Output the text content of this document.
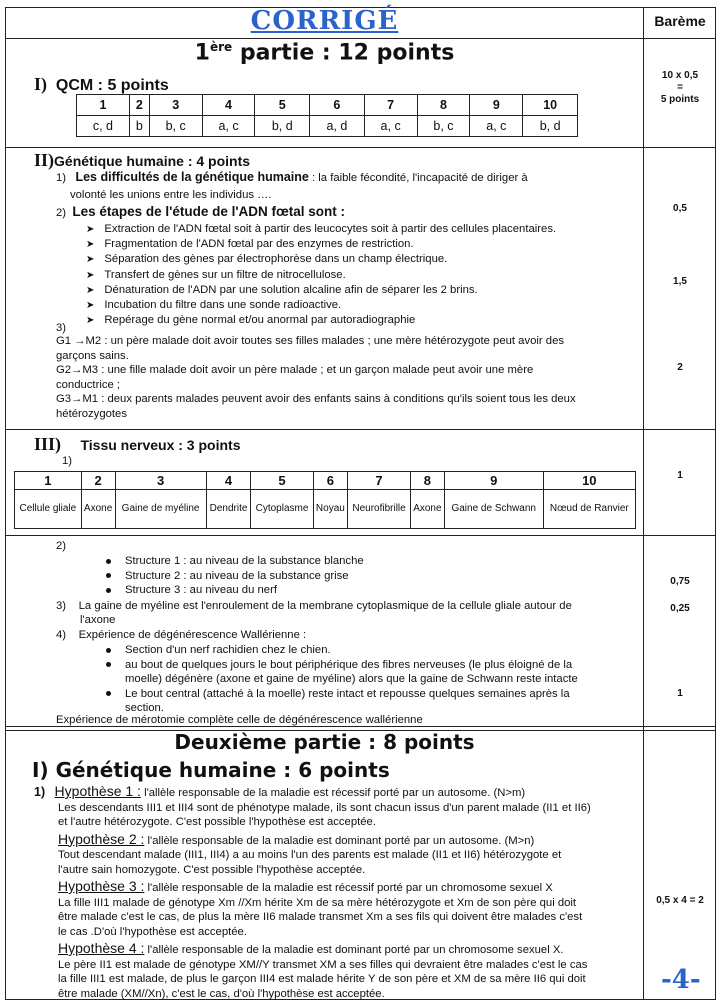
CORRIGÉ	Barème
1ère partie : 12 points
I) QCM : 5 points
1	2	3	4	5	6	7	8	9	10
c, d	b	b, c	a, c	b, d	a, d	a, c	b, c	a, c	b, d
10 x 0,5
=
5 points
II)Génétique humaine : 4 points
1) Les difficultés de la génétique humaine : la faible fécondité, l'incapacité de diriger à
volonté les unions entre les individus ….
2) Les étapes de l'étude de l'ADN fœtal sont :
➤ Extraction de l'ADN fœtal soit à partir des leucocytes soit à partir des cellules placentaires.
➤ Fragmentation de l'ADN fœtal par des enzymes de restriction.
➤ Séparation des gènes par électrophorèse dans un champ électrique.
➤ Transfert de gènes sur un filtre de nitrocellulose.
➤ Dénaturation de l'ADN par une solution alcaline afin de séparer les 2 brins.
➤ Incubation du filtre dans une sonde radioactive.
➤ Repérage du gène normal et/ou anormal par autoradiographie
3)
G1 →M2 : un père malade doit avoir toutes ses filles malades ; une mère hétérozygote peut avoir des
garçons sains.
G2→M3 : une fille malade doit avoir un père malade ; et un garçon malade peut avoir une mère
conductrice ;
G3→M1 : deux parents malades peuvent avoir des enfants sains à conditions qu'ils soient tous les deux
hétérozygotes
0,5
1,5
2
III) Tissu nerveux : 3 points
1)
1	2	3	4	5	6	7	8	9	10
Cellule gliale	Axone	Gaine de myéline	Dendrite	Cytoplasme	Noyau	Neurofibrille	Axone	Gaine de Schwann	Nœud de Ranvier
1
2)
Structure 1 : au niveau de la substance blanche
Structure 2 : au niveau de la substance grise
Structure 3 : au niveau du nerf
3) La gaine de myéline est l'enroulement de la membrane cytoplasmique de la cellule gliale autour de
l'axone
4) Expérience de dégénérescence Wallérienne :
Section d'un nerf rachidien chez le chien.
au bout de quelques jours le bout périphérique des fibres nerveuses (le plus éloigné de la
moelle) dégénère (axone et gaine de myéline) alors que la gaine de Schwann reste intacte
Le bout central (attaché à la moelle) reste intact et repousse quelques semaines après la
section.
Expérience de mérotomie complète celle de dégénérescence wallérienne
0,75
0,25
1
Deuxième partie : 8 points
I) Génétique humaine : 6 points
1) Hypothèse 1 : l'allèle responsable de la maladie est récessif porté par un autosome. (N>m)
Les descendants III1 et III4 sont de phénotype malade, ils sont chacun issus d'un parent malade (II1 et II6)
et l'autre hétérozygote. C'est possible l'hypothèse est acceptée.
Hypothèse 2 : l'allèle responsable de la maladie est dominant porté par un autosome. (M>n)
Tout descendant malade (III1, III4) a au moins l'un des parents est malade (II1 et II6) hétérozygote et
l'autre sain homozygote. C'est possible l'hypothèse acceptée.
Hypothèse 3 : l'allèle responsable de la maladie est récessif porté par un chromosome sexuel X
La fille III1 malade de génotype Xm //Xm hérite Xm de sa mère hétérozygote et Xm de son père qui doit
être malade c'est le cas, de plus la mère II6 malade transmet Xm a ses fils qui doivent être malades c'est
le cas .D'où l'hypothèse est acceptée.
Hypothèse 4 : l'allèle responsable de la maladie est dominant porté par un chromosome sexuel X.
Le père II1 est malade de génotype XM//Y transmet XM a ses filles qui devraient être malades c'est le cas
la fille III1 est malade, de plus le garçon III4 est malade hérite Y de son père et XM de sa mère II6 qui doit
être malade (XM//Xn), c'est le cas, d'où l'hypothèse est acceptée.
0,5 x 4 = 2
-4-
